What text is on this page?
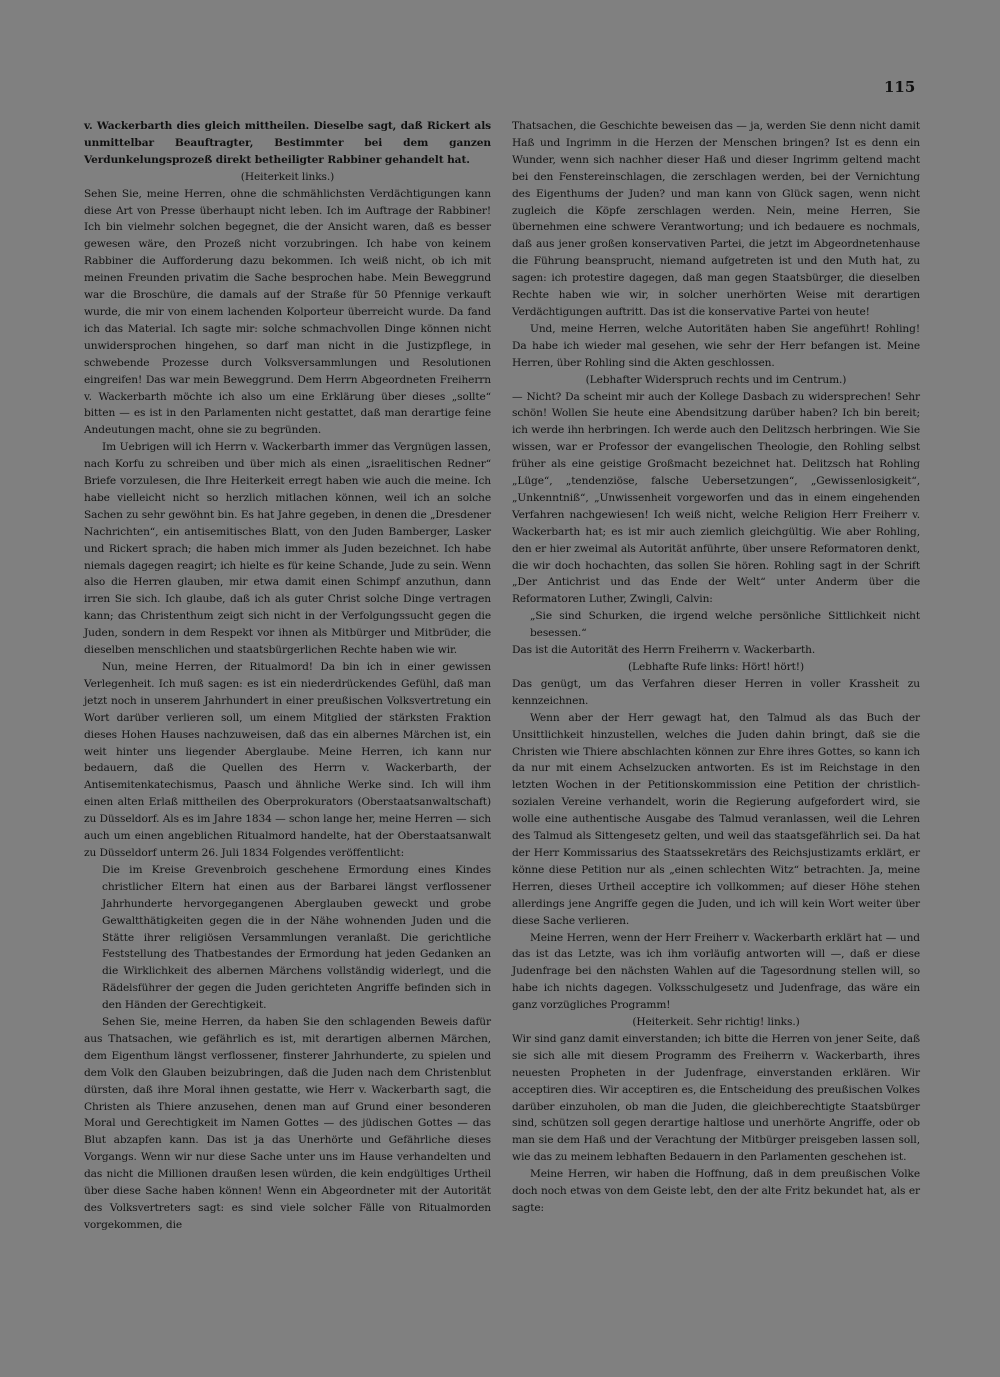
115

v. Wackerbarth dies gleich mittheilen. Dieselbe sagt, daß Rickert als unmittelbar Beauftragter, Bestimmter bei dem ganzen Verdunkelungsprozeß direkt betheiligter Rabbiner gehandelt hat.

(Heiterkeit links.)

Sehen Sie, meine Herren, ohne die schmählichsten Verdächtigungen kann diese Art von Presse überhaupt nicht leben. Ich im Auftrage der Rabbiner! Ich bin vielmehr solchen begegnet, die der Ansicht waren, daß es besser gewesen wäre, den Prozeß nicht vorzubringen. Ich habe von keinem Rabbiner die Aufforderung dazu bekommen. Ich weiß nicht, ob ich mit meinen Freunden privatim die Sache besprochen habe. Mein Beweggrund war die Broschüre, die damals auf der Straße für 50 Pfennige verkauft wurde, die mir von einem lachenden Kolporteur überreicht wurde. Da fand ich das Material. Ich sagte mir: solche schmachvollen Dinge können nicht unwidersprochen hingehen, so darf man nicht in die Justizpflege, in schwebende Prozesse durch Volksversammlungen und Resolutionen eingreifen! Das war mein Beweggrund. Dem Herrn Abgeordneten Freiherrn v. Wackerbarth möchte ich also um eine Erklärung über dieses „sollte“ bitten — es ist in den Parlamenten nicht gestattet, daß man derartige feine Andeutungen macht, ohne sie zu begründen.

Im Uebrigen will ich Herrn v. Wackerbarth immer das Vergnügen lassen, nach Korfu zu schreiben und über mich als einen „israelitischen Redner“ Briefe vorzulesen, die Ihre Heiterkeit erregt haben wie auch die meine. Ich habe vielleicht nicht so herzlich mitlachen können, weil ich an solche Sachen zu sehr gewöhnt bin. Es hat Jahre gegeben, in denen die „Dresdener Nachrichten“, ein antisemitisches Blatt, von den Juden Bamberger, Lasker und Rickert sprach; die haben mich immer als Juden bezeichnet. Ich habe niemals dagegen reagirt; ich hielte es für keine Schande, Jude zu sein. Wenn also die Herren glauben, mir etwa damit einen Schimpf anzuthun, dann irren Sie sich. Ich glaube, daß ich als guter Christ solche Dinge vertragen kann; das Christenthum zeigt sich nicht in der Verfolgungssucht gegen die Juden, sondern in dem Respekt vor ihnen als Mitbürger und Mitbrüder, die dieselben menschlichen und staatsbürgerlichen Rechte haben wie wir.

Nun, meine Herren, der Ritualmord! Da bin ich in einer gewissen Verlegenheit. Ich muß sagen: es ist ein niederdrückendes Gefühl, daß man jetzt noch in unserem Jahrhundert in einer preußischen Volksvertretung ein Wort darüber verlieren soll, um einem Mitglied der stärksten Fraktion dieses Hohen Hauses nachzuweisen, daß das ein albernes Märchen ist, ein weit hinter uns liegender Aberglaube. Meine Herren, ich kann nur bedauern, daß die Quellen des Herrn v. Wackerbarth, der Antisemitenkatechismus, Paasch und ähnliche Werke sind. Ich will ihm einen alten Erlaß mittheilen des Oberprokurators (Oberstaatsanwaltschaft) zu Düsseldorf. Als es im Jahre 1834 — schon lange her, meine Herren — sich auch um einen angeblichen Ritualmord handelte, hat der Oberstaatsanwalt zu Düsseldorf unterm 26. Juli 1834 Folgendes veröffentlicht:

Die im Kreise Grevenbroich geschehene Ermordung eines Kindes christlicher Eltern hat einen aus der Barbarei längst verflossener Jahrhunderte hervorgegangenen Aberglauben geweckt und grobe Gewaltthätigkeiten gegen die in der Nähe wohnenden Juden und die Stätte ihrer religiösen Versammlungen veranlaßt. Die gerichtliche Feststellung des Thatbestandes der Ermordung hat jeden Gedanken an die Wirklichkeit des albernen Märchens vollständig widerlegt, und die Rädelsführer der gegen die Juden gerichteten Angriffe befinden sich in den Händen der Gerechtigkeit.

Sehen Sie, meine Herren, da haben Sie den schlagenden Beweis dafür aus Thatsachen, wie gefährlich es ist, mit derartigen albernen Märchen, dem Eigenthum längst verflossener, finsterer Jahrhunderte, zu spielen und dem Volk den Glauben beizubringen, daß die Juden nach dem Christenblut dürsten, daß ihre Moral ihnen gestatte, wie Herr v. Wackerbarth sagt, die Christen als Thiere anzusehen, denen man auf Grund einer besonderen Moral und Gerechtigkeit im Namen Gottes — des jüdischen Gottes — das Blut abzapfen kann. Das ist ja das Unerhörte und Gefährliche dieses Vorgangs. Wenn wir nur diese Sache unter uns im Hause verhandelten und das nicht die Millionen draußen lesen würden, die kein endgültiges Urtheil über diese Sache haben können! Wenn ein Abgeordneter mit der Autorität des Volksvertreters sagt: es sind viele solcher Fälle von Ritualmorden vorgekommen, die

Thatsachen, die Geschichte beweisen das — ja, werden Sie denn nicht damit Haß und Ingrimm in die Herzen der Menschen bringen? Ist es denn ein Wunder, wenn sich nachher dieser Haß und dieser Ingrimm geltend macht bei den Fenstereinschlagen, die zerschlagen werden, bei der Vernichtung des Eigenthums der Juden? und man kann von Glück sagen, wenn nicht zugleich die Köpfe zerschlagen werden. Nein, meine Herren, Sie übernehmen eine schwere Verantwortung; und ich bedauere es nochmals, daß aus jener großen konservativen Partei, die jetzt im Abgeordnetenhause die Führung beansprucht, niemand aufgetreten ist und den Muth hat, zu sagen: ich protestire dagegen, daß man gegen Staatsbürger, die dieselben Rechte haben wie wir, in solcher unerhörten Weise mit derartigen Verdächtigungen auftritt. Das ist die konservative Partei von heute!

Und, meine Herren, welche Autoritäten haben Sie angeführt! Rohling! Da habe ich wieder mal gesehen, wie sehr der Herr befangen ist. Meine Herren, über Rohling sind die Akten geschlossen.

(Lebhafter Widerspruch rechts und im Centrum.)

— Nicht? Da scheint mir auch der Kollege Dasbach zu widersprechen! Sehr schön! Wollen Sie heute eine Abendsitzung darüber haben? Ich bin bereit; ich werde ihn herbringen. Ich werde auch den Delitzsch herbringen. Wie Sie wissen, war er Professor der evangelischen Theologie, den Rohling selbst früher als eine geistige Großmacht bezeichnet hat. Delitzsch hat Rohling „Lüge“, „tendenziöse, falsche Uebersetzungen“, „Gewissenlosigkeit“, „Unkenntniß“, „Unwissenheit vorgeworfen und das in einem eingehenden Verfahren nachgewiesen! Ich weiß nicht, welche Religion Herr Freiherr v. Wackerbarth hat; es ist mir auch ziemlich gleichgültig. Wie aber Rohling, den er hier zweimal als Autorität anführte, über unsere Reformatoren denkt, die wir doch hochachten, das sollen Sie hören. Rohling sagt in der Schrift „Der Antichrist und das Ende der Welt“ unter Anderm über die Reformatoren Luther, Zwingli, Calvin:

„Sie sind Schurken, die irgend welche persönliche Sittlichkeit nicht besessen.“

Das ist die Autorität des Herrn Freiherrn v. Wackerbarth.

(Lebhafte Rufe links: Hört! hört!)

Das genügt, um das Verfahren dieser Herren in voller Krassheit zu kennzeichnen.

Wenn aber der Herr gewagt hat, den Talmud als das Buch der Unsittlichkeit hinzustellen, welches die Juden dahin bringt, daß sie die Christen wie Thiere abschlachten können zur Ehre ihres Gottes, so kann ich da nur mit einem Achselzucken antworten. Es ist im Reichstage in den letzten Wochen in der Petitionskommission eine Petition der christlich-sozialen Vereine verhandelt, worin die Regierung aufgefordert wird, sie wolle eine authentische Ausgabe des Talmud veranlassen, weil die Lehren des Talmud als Sittengesetz gelten, und weil das staatsgefährlich sei. Da hat der Herr Kommissarius des Staatssekretärs des Reichsjustizamts erklärt, er könne diese Petition nur als „einen schlechten Witz“ betrachten. Ja, meine Herren, dieses Urtheil acceptire ich vollkommen; auf dieser Höhe stehen allerdings jene Angriffe gegen die Juden, und ich will kein Wort weiter über diese Sache verlieren.

Meine Herren, wenn der Herr Freiherr v. Wackerbarth erklärt hat — und das ist das Letzte, was ich ihm vorläufig antworten will —, daß er diese Judenfrage bei den nächsten Wahlen auf die Tagesordnung stellen will, so habe ich nichts dagegen. Volksschulgesetz und Judenfrage, das wäre ein ganz vorzügliches Programm!

(Heiterkeit. Sehr richtig! links.)

Wir sind ganz damit einverstanden; ich bitte die Herren von jener Seite, daß sie sich alle mit diesem Programm des Freiherrn v. Wackerbarth, ihres neuesten Propheten in der Judenfrage, einverstanden erklären. Wir acceptiren dies. Wir acceptiren es, die Entscheidung des preußischen Volkes darüber einzuholen, ob man die Juden, die gleichberechtigte Staatsbürger sind, schützen soll gegen derartige haltlose und unerhörte Angriffe, oder ob man sie dem Haß und der Verachtung der Mitbürger preisgeben lassen soll, wie das zu meinem lebhaften Bedauern in den Parlamenten geschehen ist.

Meine Herren, wir haben die Hoffnung, daß in dem preußischen Volke doch noch etwas von dem Geiste lebt, den der alte Fritz bekundet hat, als er sagte:
